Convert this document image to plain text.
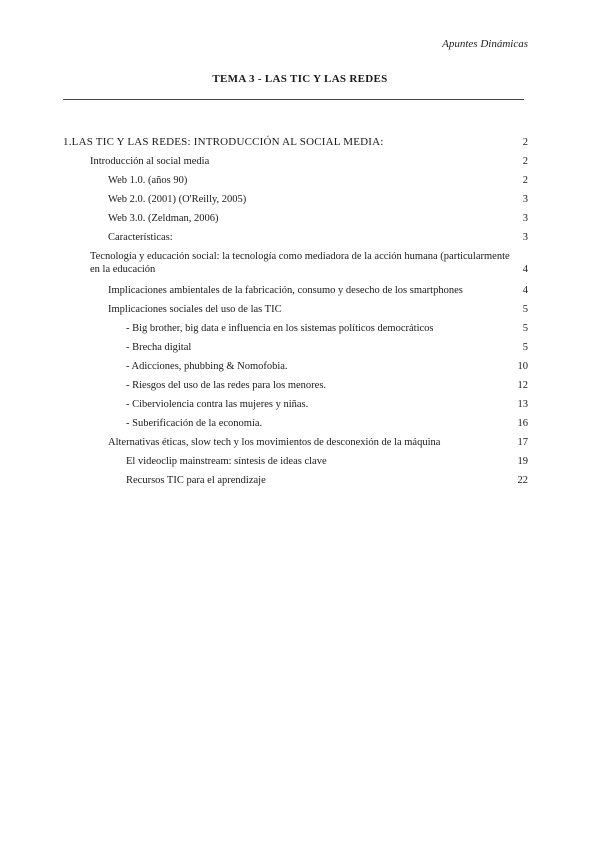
Apuntes Dinámicas
TEMA 3 - LAS TIC Y LAS REDES
1.LAS TIC Y LAS REDES: INTRODUCCIÓN AL SOCIAL MEDIA:	2
Introducción al social media	2
Web 1.0. (años 90)	2
Web 2.0. (2001) (O'Reilly, 2005)	3
Web 3.0. (Zeldman, 2006)	3
Características:	3
Tecnología y educación social: la tecnología como mediadora de la acción humana (particularmente en la educación	4
Implicaciones ambientales de la fabricación, consumo y desecho de los smartphones	4
Implicaciones sociales del uso de las TIC	5
- Big brother, big data e influencia en los sistemas políticos democráticos	5
- Brecha digital	5
- Adicciones, phubbing & Nomofobia.	10
- Riesgos del uso de las redes para los menores.	12
- Ciberviolencia contra las mujeres y niñas.	13
- Suberificación de la economía.	16
Alternativas éticas, slow tech y los movimientos de desconexión de la máquina	17
El videoclip mainstream: síntesis de ideas clave	19
Recursos TIC para el aprendizaje	22
